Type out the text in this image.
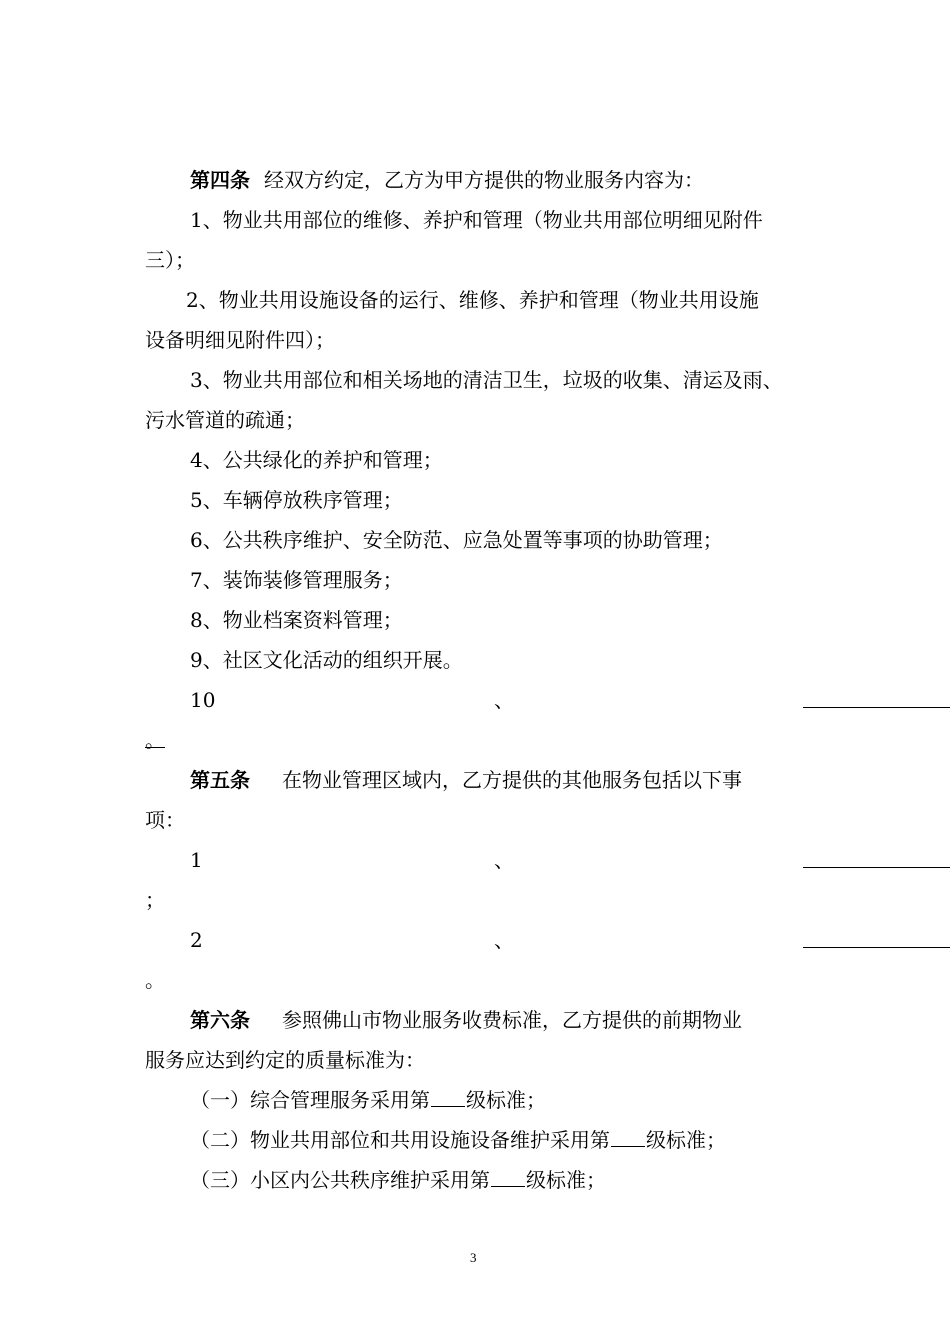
第四条 经双方约定，乙方为甲方提供的物业服务内容为：
1、物业共用部位的维修、养护和管理（物业共用部位明细见附件
三）；
2、物业共用设施设备的运行、维修、养护和管理（物业共用设施
设备明细见附件四）；
3、物业共用部位和相关场地的清洁卫生，垃圾的收集、清运及雨、
污水管道的疏通；
4、公共绿化的养护和管理；
5、车辆停放秩序管理；
6、公共秩序维护、安全防范、应急处置等事项的协助管理；
7、装饰装修管理服务；
8、物业档案资料管理；
9、社区文化活动的组织开展。
10	、
。
第五条 在物业管理区域内，乙方提供的其他服务包括以下事
项：
1	、
；
2	、
。
第六条 参照佛山市物业服务收费标准，乙方提供的前期物业
服务应达到约定的质量标准为：
（一）综合管理服务采用第 级标准；
（二）物业共用部位和共用设施设备维护采用第 级标准；
（三）小区内公共秩序维护采用第 级标准；
3
